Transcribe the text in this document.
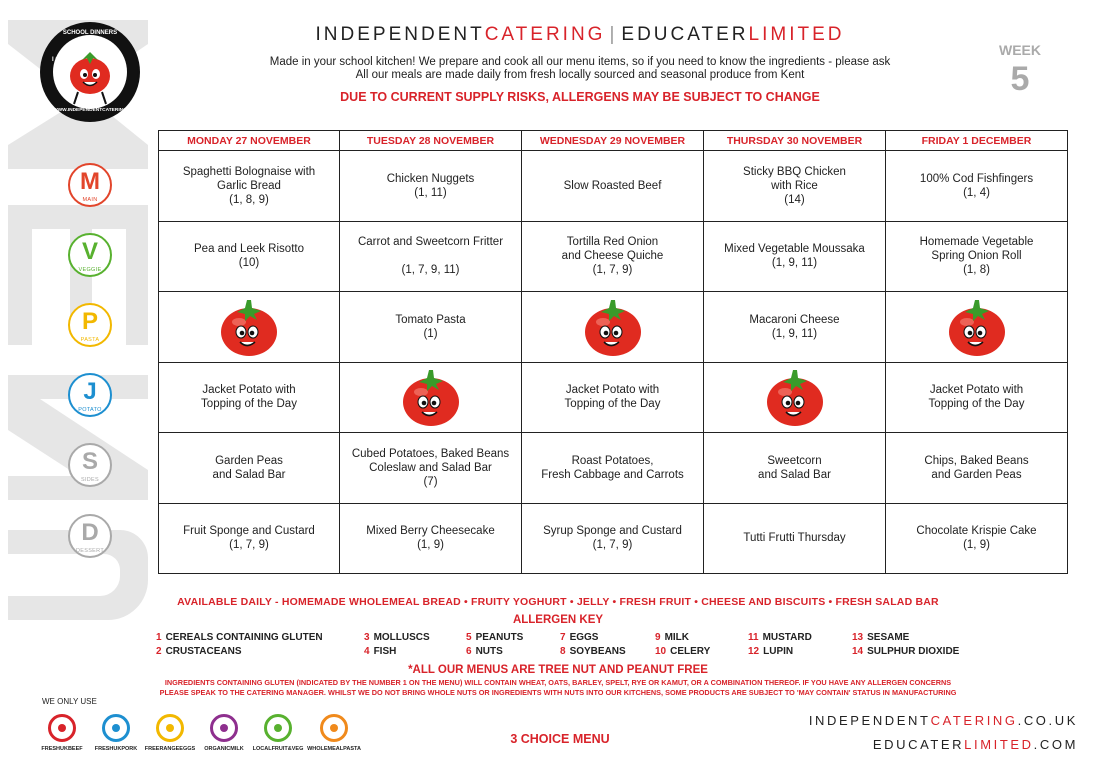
SCHOOL DINNERS
I ❤
.CO.UK
WWW.INDEPENDENTCATERING
INDEPENDENTCATERING | EDUCATERLIMITED
Made in your school kitchen! We prepare and cook all our menu items, so if you need to know the ingredients - please ask
All our meals are made daily from fresh locally sourced and seasonal produce from Kent
DUE TO CURRENT SUPPLY RISKS, ALLERGENS MAY BE SUBJECT TO CHANGE
WEEK
5
M
MAIN
V
VEGGIE
P
PASTA
J
POTATO
S
SIDES
D
DESSERT
MONDAY 27 NOVEMBER	TUESDAY 28 NOVEMBER	WEDNESDAY 29 NOVEMBER	THURSDAY 30 NOVEMBER	FRIDAY 1 DECEMBER

Spaghetti Bolognaise with
Garlic Bread
(1, 8, 9)	Chicken Nuggets
(1, 11)	Slow Roasted Beef	Sticky BBQ Chicken
with Rice
(14)	100% Cod Fishfingers
(1, 4)

Pea and Leek Risotto
(10)	Carrot and Sweetcorn Fritter

(1, 7, 9, 11)	Tortilla Red Onion
and Cheese Quiche
(1, 7, 9)	Mixed Vegetable Moussaka
(1, 9, 11)	Homemade Vegetable
Spring Onion Roll
(1, 8)

Tomato Pasta
(1)		Macaroni Cheese
(1, 9, 11)

Jacket Potato with
Topping of the Day		Jacket Potato with
Topping of the Day		Jacket Potato with
Topping of the Day

Garden Peas
and Salad Bar	Cubed Potatoes, Baked Beans
Coleslaw and Salad Bar
(7)	Roast Potatoes,
Fresh Cabbage and Carrots	Sweetcorn
and Salad Bar	Chips, Baked Beans
and Garden Peas

Fruit Sponge and Custard
(1, 7, 9)	Mixed Berry Cheesecake
(1, 9)	Syrup Sponge and Custard
(1, 7, 9)	Tutti Frutti Thursday	Chocolate Krispie Cake
(1, 9)
AVAILABLE DAILY - HOMEMADE WHOLEMEAL BREAD • FRUITY YOGHURT • JELLY • FRESH FRUIT • CHEESE AND BISCUITS • FRESH SALAD BAR
ALLERGEN KEY
1 CEREALS CONTAINING GLUTEN
2 CRUSTACEANS
3 MOLLUSCS
4 FISH
5 PEANUTS
6 NUTS
7 EGGS
8 SOYBEANS
9 MILK
10 CELERY
11 MUSTARD
12 LUPIN
13 SESAME
14 SULPHUR DIOXIDE
*ALL OUR MENUS ARE TREE NUT AND PEANUT FREE
INGREDIENTS CONTAINING GLUTEN (INDICATED BY THE NUMBER 1 ON THE MENU) WILL CONTAIN WHEAT, OATS, BARLEY, SPELT, RYE OR KAMUT, OR A COMBINATION THEREOF. IF YOU HAVE ANY ALLERGEN CONCERNS
PLEASE SPEAK TO THE CATERING MANAGER. WHILST WE DO NOT BRING WHOLE NUTS OR INGREDIENTS WITH NUTS INTO OUR KITCHENS, SOME PRODUCTS ARE SUBJECT TO 'MAY CONTAIN' STATUS IN MANUFACTURING
WE ONLY USE
FRESHUKBEEF	FRESHUKPORK	FREERANGEEGGS	ORGANICMILK	LOCALFRUIT&VEG WHOLEMEALPASTA
3 CHOICE MENU
INDEPENDENTCATERING.CO.UK
EDUCATERLIMITED.COM
